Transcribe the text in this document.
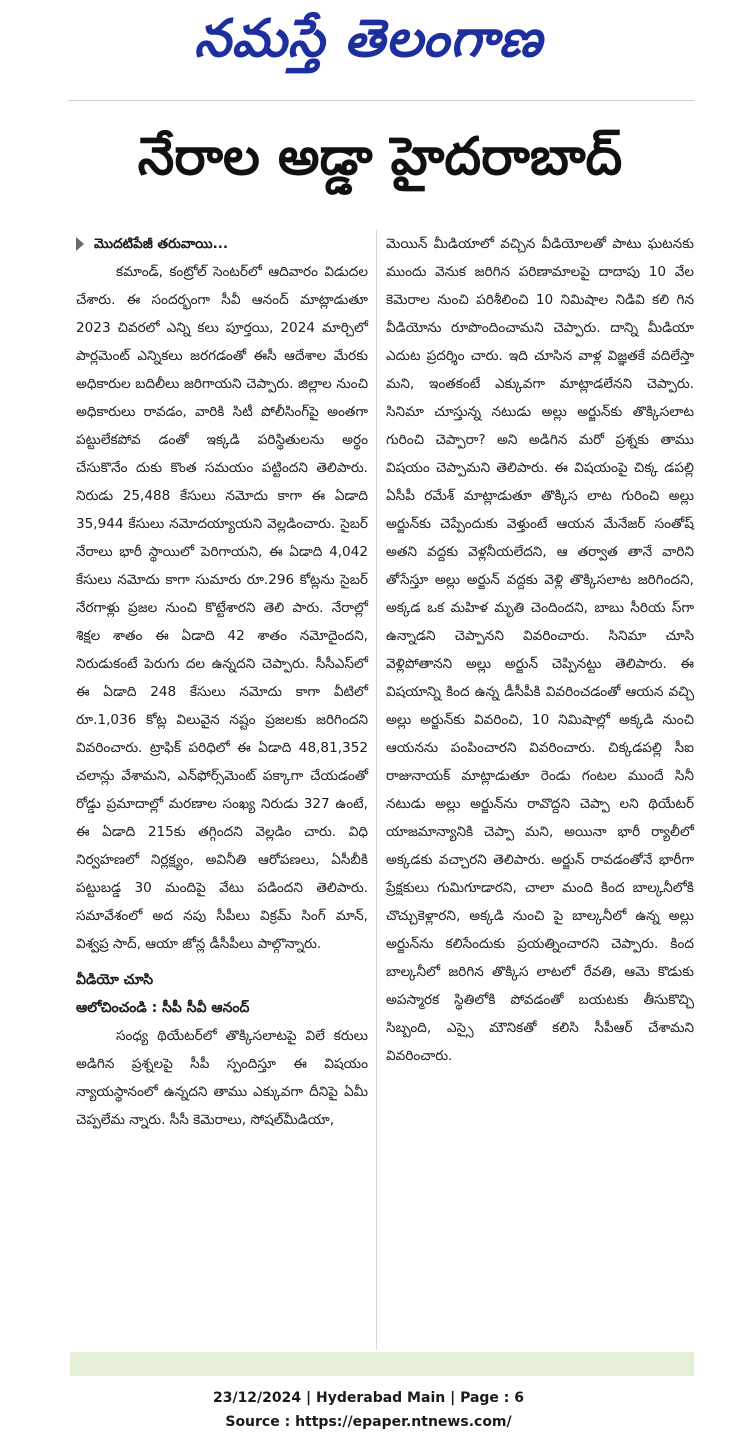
నమస్తే తెలంగాణ
నేరాల అడ్డా హైదరాబాద్
మొదటిపేజీ తరువాయి...

కమాండ్, కంట్రోల్ సెంటర్‌లో ఆదివారం విడుదల చేశారు. ఈ సందర్భంగా సీవీ ఆనంద్ మాట్లాడుతూ 2023 చివరలో ఎన్ని కలు పూర్తయి, 2024 మార్చిలో పార్లమెంట్ ఎన్నికలు జరగడంతో ఈసీ ఆదేశాల మేరకు అధికారుల బదిలీలు జరిగాయని చెప్పారు. జిల్లాల నుంచి అధికారులు రావడం, వారికి సిటీ పోలీసింగ్‌పై అంతగా పట్టులేకపోవ డంతో ఇక్కడి పరిస్థితులను అర్థం చేసుకొనేం దుకు కొంత సమయం పట్టిందని తెలిపారు. నిరుడు 25,488 కేసులు నమోదు కాగా ఈ ఏడాది 35,944 కేసులు నమోదయ్యాయని వెల్లడించారు. సైబర్ నేరాలు భారీ స్థాయిలో పెరిగాయని, ఈ ఏడాది 4,042 కేసులు నమోదు కాగా సుమారు రూ.296 కోట్లను సైబర్ నేరగాళ్లు ప్రజల నుంచి కొట్టేశారని తెలి పారు. నేరాల్లో శిక్షల శాతం ఈ ఏడాది 42 శాతం నమోదైందని, నిరుడుకంటే పెరుగు దల ఉన్నదని చెప్పారు. సీసీఎస్‌లో ఈ ఏడాది 248 కేసులు నమోదు కాగా వీటిలో రూ.1,036 కోట్ల విలువైన నష్టం ప్రజలకు జరిగిందని వివరించారు. ట్రాఫిక్ పరిధిలో ఈ ఏడాది 48,81,352 చలాన్లు వేశామని, ఎన్‌ఫోర్స్‌మెంట్ పక్కాగా చేయడంతో రోడ్డు ప్రమాదాల్లో మరణాల సంఖ్య నిరుడు 327 ఉంటే, ఈ ఏడాది 215కు తగ్గిందని వెల్లడిం చారు. విధి నిర్వహణలో నిర్లక్ష్యం, అవినీతి ఆరోపణలు, ఏసీబీకి పట్టుబడ్డ 30 మందిపై వేటు పడిందని తెలిపారు. సమావేశంలో అద నపు సీపీలు విక్రమ్ సింగ్ మాన్, విశ్వప్ర సాద్, ఆయా జోన్ల డీసీపీలు పాల్గొన్నారు.

వీడియో చూసి
ఆలోచించండి : సీపీ సీవీ ఆనంద్

సంధ్య థియేటర్‌లో తొక్కిసలాటపై విలే కరులు అడిగిన ప్రశ్నలపై సీపీ స్పందిస్తూ ఈ విషయం న్యాయస్థానంలో ఉన్నదని తాము ఎక్కువగా దీనిపై ఏమీ చెప్పలేమ న్నారు. సీసీ కెమెరాలు, సోషల్‌మీడియా,

మెయిన్ మీడియాలో వచ్చిన వీడియోలతో పాటు ఘటనకు ముందు వెనుక జరిగిన పరిణామాలపై దాదాపు 10 వేల కెమెరాల నుంచి పరిశీలించి 10 నిమిషాల నిడివి కలి గిన వీడియోను రూపొందించామని చెప్పారు. దాన్ని మీడియా ఎదుట ప్రదర్శిం చారు. ఇది చూసిన వాళ్ల విజ్ఞతకే వదిలేస్తా మని, ఇంతకంటే ఎక్కువగా మాట్లాడలేనని చెప్పారు. సినిమా చూస్తున్న నటుడు అల్లు అర్జున్‌కు తొక్కిసలాట గురించి చెప్పారా? అని అడిగిన మరో ప్రశ్నకు తాము విషయం చెప్పామని తెలిపారు. ఈ విషయంపై చిక్క డపల్లి ఏసీపీ రమేశ్ మాట్లాడుతూ తొక్కిస లాట గురించి అల్లు అర్జున్‌కు చెప్పేందుకు వెళ్తుంటే ఆయన మేనేజర్ సంతోష్ అతని వద్దకు వెళ్లనీయలేదని, ఆ తర్వాత తానే వారిని తోసేస్తూ అల్లు అర్జున్ వద్దకు వెళ్లి తొక్కిసలాట జరిగిందని, అక్కడ ఒక మహిళ మృతి చెందిందని, బాబు సీరియ స్‌గా ఉన్నాడని చెప్పానని వివరించారు. సినిమా చూసి వెళ్లిపోతానని అల్లు అర్జున్ చెప్పినట్టు తెలిపారు. ఈ విషయాన్ని కింద ఉన్న డీసీపీకి వివరించడంతో ఆయన వచ్చి అల్లు అర్జున్‌కు వివరించి, 10 నిమిషాల్లో అక్కడి నుంచి ఆయనను పంపించారని వివరించారు. చిక్కడపల్లి సీఐ రాజునాయక్ మాట్లాడుతూ రెండు గంటల ముందే సినీ నటుడు అల్లు అర్జున్‌ను రావొద్దని చెప్పా లని థియేటర్ యాజమాన్యానికి చెప్పా మని, అయినా భారీ ర్యాలీలో అక్కడకు వచ్చారని తెలిపారు. అర్జున్ రావడంతోనే భారీగా ప్రేక్షకులు గుమిగూడారని, చాలా మంది కింద బాల్కనీలోకి చొచ్చుకెళ్లారని, అక్కడి నుంచి పై బాల్కనీలో ఉన్న అల్లు అర్జున్‌ను కలిసేందుకు ప్రయత్నించారని చెప్పారు. కింద బాల్కనీలో జరిగిన తొక్కిస లాటలో రేవతి, ఆమె కొడుకు అపస్మారక స్థితిలోకి పోవడంతో బయటకు తీసుకొచ్చి సిబ్బంది, ఎస్సై మౌనికతో కలిసి సీపీఆర్ చేశామని వివరించారు.

23/12/2024 | Hyderabad Main | Page : 6
Source : https://epaper.ntnews.com/
